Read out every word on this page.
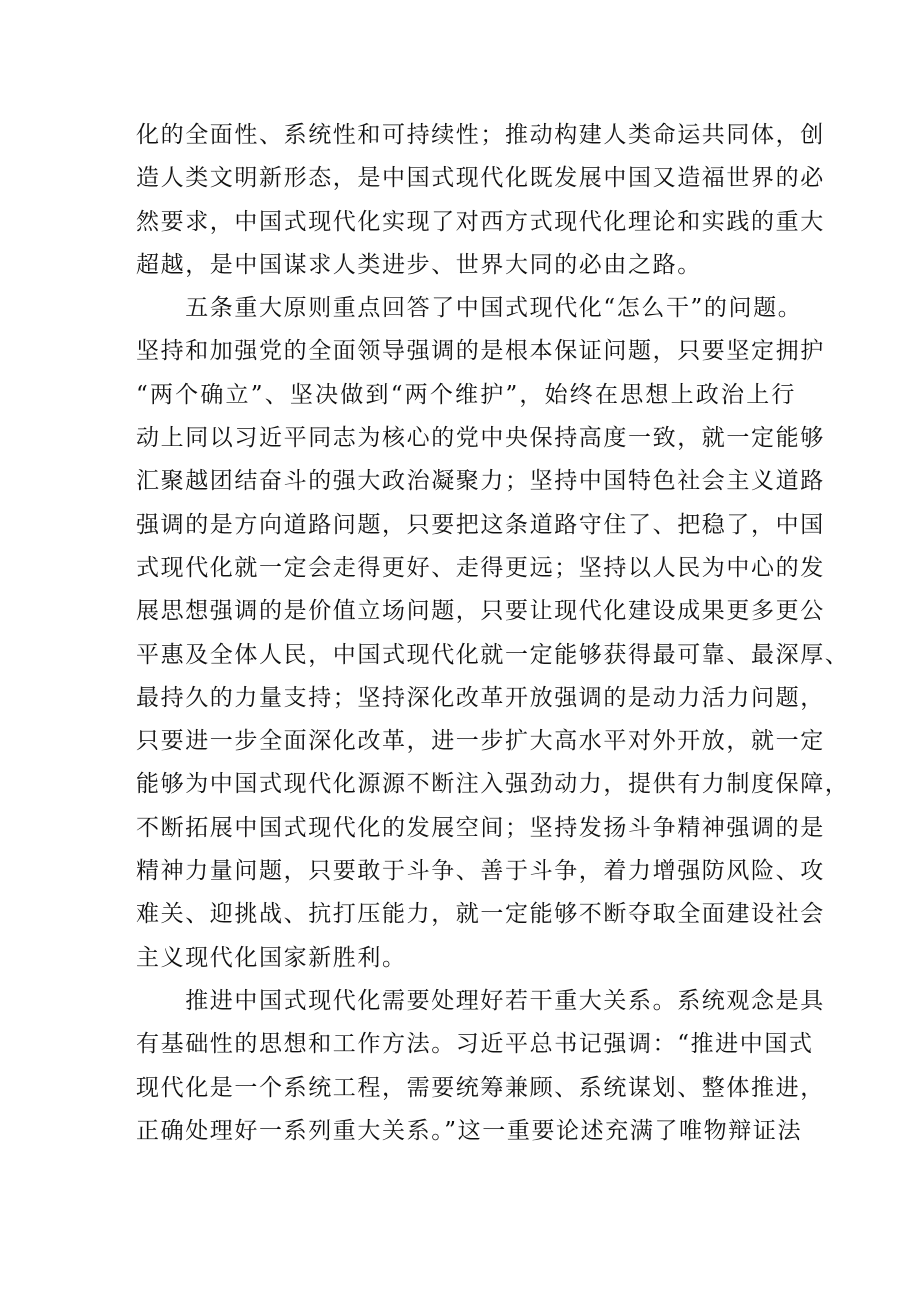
化的全面性、系统性和可持续性；推动构建人类命运共同体，创
造人类文明新形态，是中国式现代化既发展中国又造福世界的必
然要求，中国式现代化实现了对西方式现代化理论和实践的重大
超越，是中国谋求人类进步、世界大同的必由之路。
　　五条重大原则重点回答了中国式现代化“怎么干”的问题。
坚持和加强党的全面领导强调的是根本保证问题，只要坚定拥护
“两个确立”、坚决做到“两个维护”，始终在思想上政治上行
动上同以习近平同志为核心的党中央保持高度一致，就一定能够
汇聚越团结奋斗的强大政治凝聚力；坚持中国特色社会主义道路
强调的是方向道路问题，只要把这条道路守住了、把稳了，中国
式现代化就一定会走得更好、走得更远；坚持以人民为中心的发
展思想强调的是价值立场问题，只要让现代化建设成果更多更公
平惠及全体人民，中国式现代化就一定能够获得最可靠、最深厚、
最持久的力量支持；坚持深化改革开放强调的是动力活力问题，
只要进一步全面深化改革，进一步扩大高水平对外开放，就一定
能够为中国式现代化源源不断注入强劲动力，提供有力制度保障，
不断拓展中国式现代化的发展空间；坚持发扬斗争精神强调的是
精神力量问题，只要敢于斗争、善于斗争，着力增强防风险、攻
难关、迎挑战、抗打压能力，就一定能够不断夺取全面建设社会
主义现代化国家新胜利。
　　推进中国式现代化需要处理好若干重大关系。系统观念是具
有基础性的思想和工作方法。习近平总书记强调：“推进中国式
现代化是一个系统工程，需要统筹兼顾、系统谋划、整体推进，
正确处理好一系列重大关系。”这一重要论述充满了唯物辩证法
